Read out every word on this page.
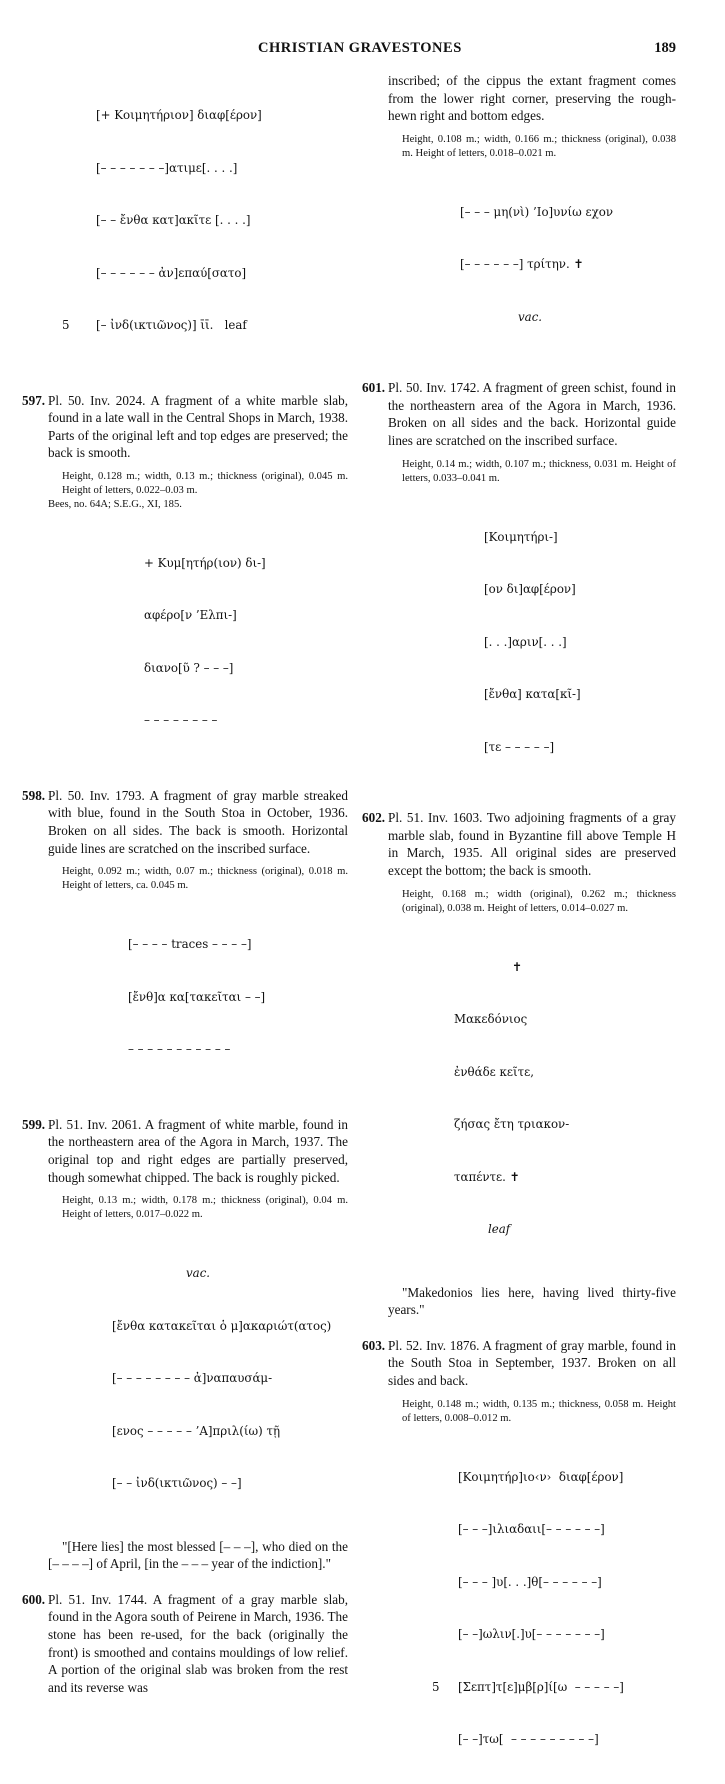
CHRISTIAN GRAVESTONES	189

[+ Κοιμητήριον] διαφ[έρον]

[– – – – – – –]ατιμε[. . . .]

[– – ἔνθα κατ]ακῖτε [. . . .]

[– – – – – – ἀν]επαύ[σατο]

5 [– ἰνδ(ικτιῶνος)] ῑῑ.   leaf

597. Pl. 50. Inv. 2024. A fragment of a white marble slab, found in a late wall in the Central Shops in March, 1938. Parts of the original left and top edges are preserved; the back is smooth.

Height, 0.128 m.; width, 0.13 m.; thickness (original), 0.045 m. Height of letters, 0.022–0.03 m.

Bees, no. 64A; S.E.G., XI, 185.

+ Κυμ[ητήρ(ιον) δι-]

αφέρο[ν ’Ελπι-]

διανο[ῦ ? – – –]

– – – – – – – –

598. Pl. 50. Inv. 1793. A fragment of gray marble streaked with blue, found in the South Stoa in October, 1936. Broken on all sides. The back is smooth. Horizontal guide lines are scratched on the inscribed surface.

Height, 0.092 m.; width, 0.07 m.; thickness (original), 0.018 m. Height of letters, ca. 0.045 m.

[– – – – traces – – – –]

[ἔνθ]α κα[τακεῖται – –]

– – – – – – – – – – –

599. Pl. 51. Inv. 2061. A fragment of white marble, found in the northeastern area of the Agora in March, 1937. The original top and right edges are partially preserved, though somewhat chipped. The back is roughly picked.

Height, 0.13 m.; width, 0.178 m.; thickness (original), 0.04 m. Height of letters, 0.017–0.022 m.

vac.

[ἔνθα κατακεῖται ὁ μ]ακαριώτ(ατος)

[– – – – – – – – ἀ]ναπαυσάμ-

[ενος – – – – – ’Α]πριλ(ίω) τῇ

[– – ἰνδ(ικτιῶνος) – –]

"[Here lies] the most blessed [– – –], who died on the [– – – –] of April, [in the – – – year of the indiction]."

600. Pl. 51. Inv. 1744. A fragment of a gray marble slab, found in the Agora south of Peirene in March, 1936. The stone has been re-used, for the back (originally the front) is smoothed and contains mouldings of low relief. A portion of the original slab was broken from the rest and its reverse was

inscribed; of the cippus the extant fragment comes from the lower right corner, preserving the rough-hewn right and bottom edges.

Height, 0.108 m.; width, 0.166 m.; thickness (original), 0.038 m. Height of letters, 0.018–0.021 m.

[– – – μη(νὶ) ’Ιο]υνίω εχον

[– – – – – –] τρίτην. ✝

vac.

601. Pl. 50. Inv. 1742. A fragment of green schist, found in the northeastern area of the Agora in March, 1936. Broken on all sides and the back. Horizontal guide lines are scratched on the inscribed surface.

Height, 0.14 m.; width, 0.107 m.; thickness, 0.031 m. Height of letters, 0.033–0.041 m.

[Κοιμητήρι-]

[ον δι]αφ[έρον]

[. . .]αριν[. . .]

[ἔνθα] κατα[κῖ-]

[τε – – – – –]

602. Pl. 51. Inv. 1603. Two adjoining fragments of a gray marble slab, found in Byzantine fill above Temple H in March, 1935. All original sides are preserved except the bottom; the back is smooth.

Height, 0.168 m.; width (original), 0.262 m.; thickness (original), 0.038 m. Height of letters, 0.014–0.027 m.

✝

Μακεδόνιος

ἐνθάδε κεῖτε,

ζήσας ἔτη τριακον-

ταπέντε. ✝

leaf

"Makedonios lies here, having lived thirty-five years."

603. Pl. 52. Inv. 1876. A fragment of gray marble, found in the South Stoa in September, 1937. Broken on all sides and back.

Height, 0.148 m.; width, 0.135 m.; thickness, 0.058 m. Height of letters, 0.008–0.012 m.

[Κοιμητήρ]ιο‹ν›  διαφ[έρον]

[– – –]ιλιαδαιι[– – – – – –]

[– – – ]υ[. . .]θ[– – – – – –]

[– –]ωλιν[.]υ[– – – – – – –]

5 [Σεπτ]τ[ε]μβ[ρ]ί[ω  – – – – –]

[– –]τω[  – – – – – – – – –]
